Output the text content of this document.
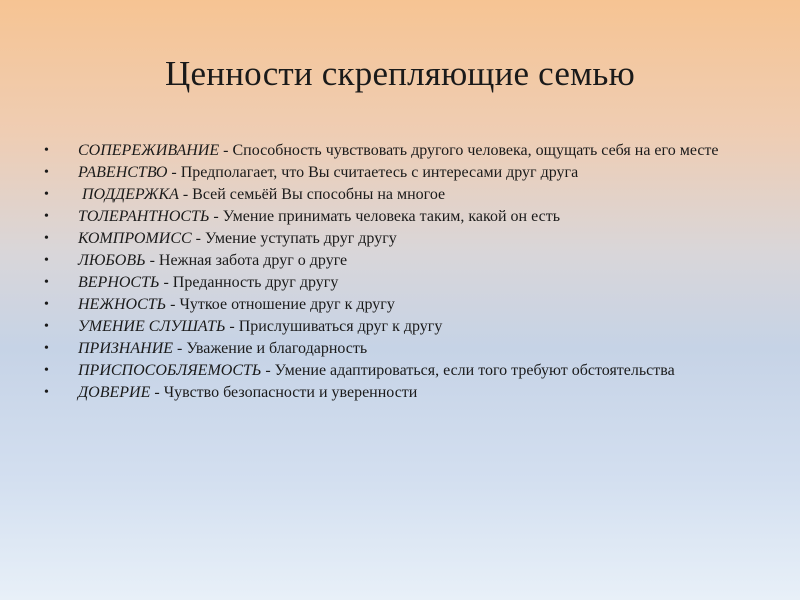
Ценности скрепляющие семью
• СОПЕРЕЖИВАНИЕ - Способность чувствовать другого человека, ощущать себя на его месте
• РАВЕНСТВО - Предполагает, что Вы считаетесь с интересами друг друга
• ПОДДЕРЖКА - Всей семьёй Вы способны на многое
• ТОЛЕРАНТНОСТЬ - Умение принимать человека таким, какой он есть
• КОМПРОМИСС - Умение уступать друг другу
• ЛЮБОВЬ - Нежная забота друг о друге
• ВЕРНОСТЬ - Преданность друг другу
• НЕЖНОСТЬ - Чуткое отношение друг к другу
• УМЕНИЕ СЛУШАТЬ - Прислушиваться друг к другу
• ПРИЗНАНИЕ - Уважение и благодарность
• ПРИСПОСОБЛЯЕМОСТЬ - Умение адаптироваться, если того требуют обстоятельства
• ДОВЕРИЕ - Чувство безопасности и уверенности
